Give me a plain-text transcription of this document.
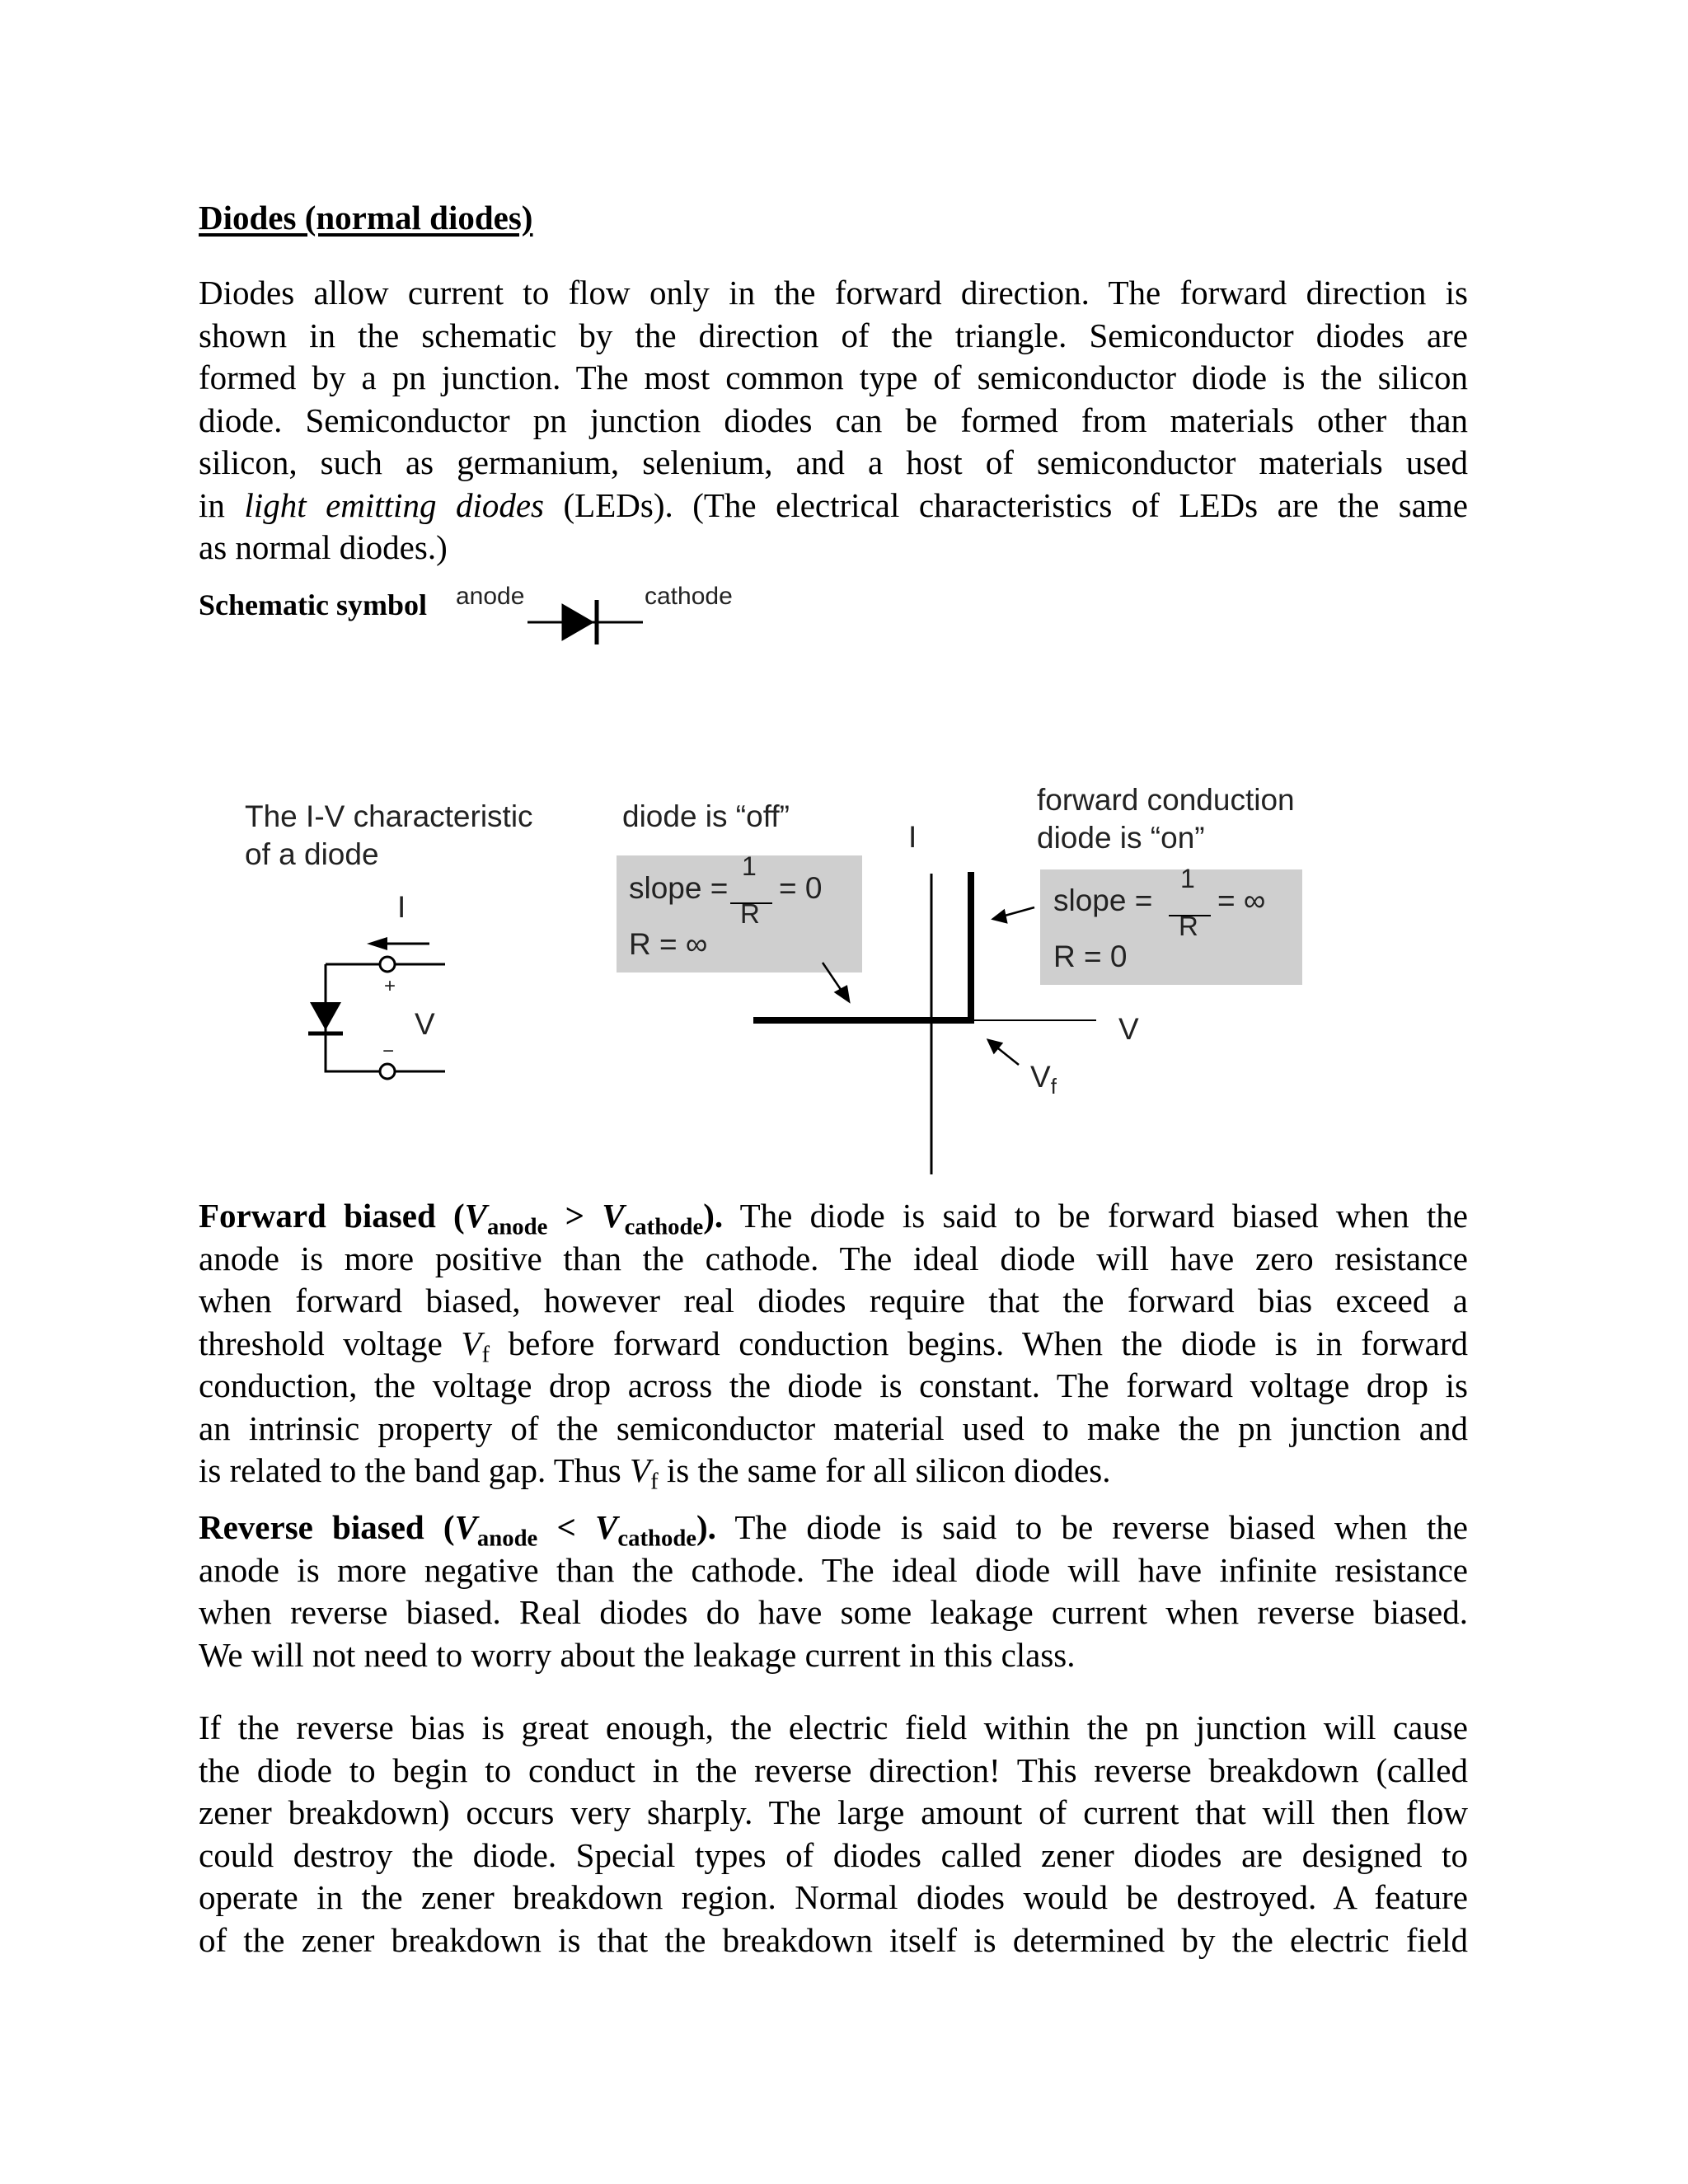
Diodes (normal diodes)
Diodes allow current to flow only in the forward direction. The forward direction is
shown in the schematic by the direction of the triangle. Semiconductor diodes are
formed by a pn junction. The most common type of semiconductor diode is the silicon
diode. Semiconductor pn junction diodes can be formed from materials other than
silicon, such as germanium, selenium, and a host of semiconductor materials used
in light emitting diodes (LEDs). (The electrical characteristics of LEDs are the same
as normal diodes.)
Schematic symbol anode	cathode
The I-V characteristic
of a diode
I
V
+
−
diode is “off”
slope =
1
R
= 0
R = ∞
forward conduction
diode is “on”
slope =
1
R
= ∞
R = 0
I
V
$V_f$
Forward biased $(V_{anode} > V_{cathode})$. The diode is said to be forward biased when the
anode is more positive than the cathode. The ideal diode will have zero resistance
when forward biased, however real diodes require that the forward bias exceed a
threshold voltage $V_f$ before forward conduction begins. When the diode is in forward
conduction, the voltage drop across the diode is constant. The forward voltage drop is
an intrinsic property of the semiconductor material used to make the pn junction and
is related to the band gap. Thus $V_f$ is the same for all silicon diodes.
Reverse biased $(V_{anode} < V_{cathode})$. The diode is said to be reverse biased when the
anode is more negative than the cathode. The ideal diode will have infinite resistance
when reverse biased. Real diodes do have some leakage current when reverse biased.
We will not need to worry about the leakage current in this class.
If the reverse bias is great enough, the electric field within the pn junction will cause
the diode to begin to conduct in the reverse direction! This reverse breakdown (called
zener breakdown) occurs very sharply. The large amount of current that will then flow
could destroy the diode. Special types of diodes called zener diodes are designed to
operate in the zener breakdown region. Normal diodes would be destroyed. A feature
of the zener breakdown is that the breakdown itself is determined by the electric field
